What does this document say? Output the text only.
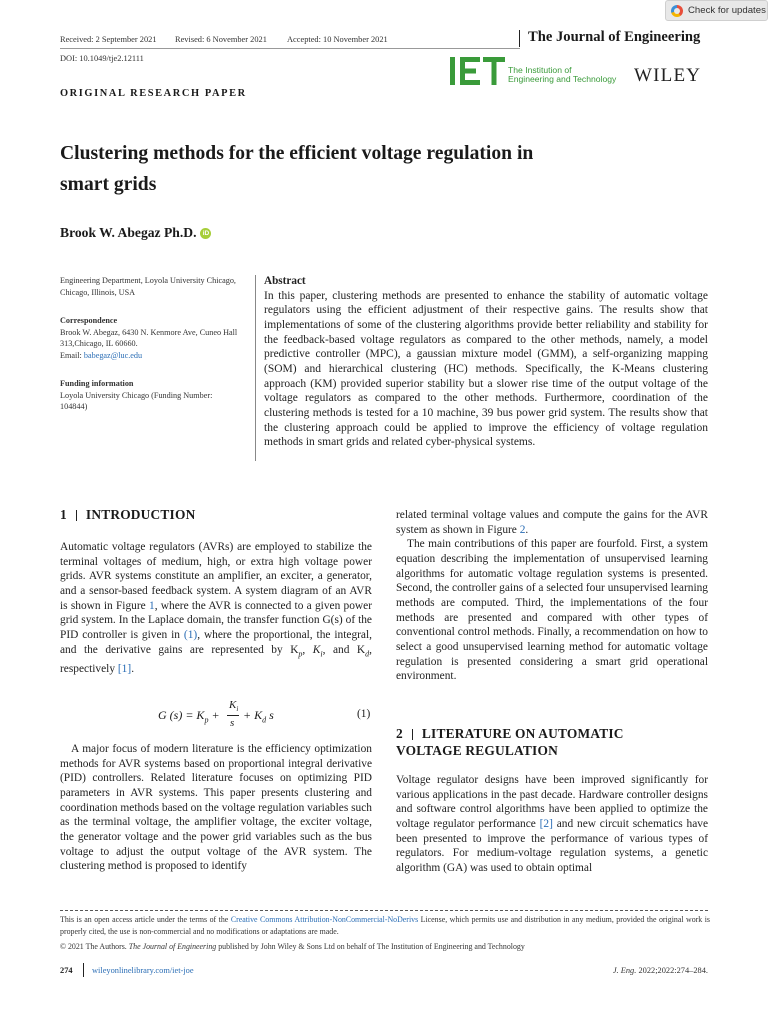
Check for updates
Received: 2 September 2021 Revised: 6 November 2021 Accepted: 10 November 2021	The Journal of Engineering
DOI: 10.1049/tje2.12111
The Institution of
Engineering and Technology WILEY
ORIGINAL RESEARCH PAPER
Clustering methods for the efficient voltage regulation in
smart grids
Brook W. Abegaz Ph.D. iD
Engineering Department, Loyola University Chicago, Chicago, Illinois, USA
Correspondence
Brook W. Abegaz, 6430 N. Kenmore Ave, Cuneo Hall 313,Chicago, IL 60660.
Email: babegaz@luc.edu
Funding information
Loyola University Chicago (Funding Number: 104844)
Abstract
In this paper, clustering methods are presented to enhance the stability of automatic voltage regulators using the efficient adjustment of their respective gains. The results show that implementations of some of the clustering algorithms provide better reliability and stability for the feedback-based voltage regulators as compared to the other methods, namely, a model predictive controller (MPC), a gaussian mixture model (GMM), a self-organizing mapping (SOM) and hierarchical clustering (HC) methods. Specifically, the K-Means clustering approach (KM) provided superior stability but a slower rise time of the output voltage of the voltage regulators as compared to the other methods. Furthermore, coordination of the clustering methods is tested for a 10 machine, 39 bus power grid system. The results show that the clustering approach could be applied to improve the efficiency of voltage regulation methods in smart grids and related cyber-physical systems.
1 INTRODUCTION

Automatic voltage regulators (AVRs) are employed to stabilize the terminal voltages of medium, high, or extra high voltage power grids. AVR systems constitute an amplifier, an exciter, a generator, and a sensor-based feedback system. A system diagram of an AVR is shown in Figure 1, where the AVR is connected to a given power grid system. In the Laplace domain, the transfer function G(s) of the PID controller is given in (1), where the proportional, the integral, and the derivative gains are represented by $K_p$, $K_i$, and $K_d$, respectively [1].

G $(s) = K_p$ +
$K_i$
s
+ $K_d$ s	(1)

A major focus of modern literature is the efficiency optimization methods for AVR systems based on proportional integral derivative (PID) controllers. Related literature focuses on optimizing PID parameters in AVR systems. This paper presents clustering and coordination methods based on the voltage regulation variables such as the terminal voltage, the amplifier voltage, the exciter voltage, the generator voltage and the power grid variables such as the bus voltage to adjust the output voltage of the AVR system. The clustering method is proposed to identify

related terminal voltage values and compute the gains for the AVR system as shown in Figure 2.

The main contributions of this paper are fourfold. First, a system equation describing the implementation of unsupervised learning algorithms for automatic voltage regulation systems is presented. Second, the controller gains of a selected four unsupervised learning methods are computed. Third, the implementations of the four methods are presented and compared with other types of conventional control methods. Finally, a recommendation on how to select a good unsupervised learning method for automatic voltage regulation is presented considering a smart grid operational environment.

2 LITERATURE ON AUTOMATIC
VOLTAGE REGULATION

Voltage regulator designs have been improved significantly for various applications in the past decade. Hardware controller designs and software control algorithms have been applied to optimize the voltage regulator performance [2] and new circuit schematics have been presented to improve the performance of various types of regulators. For medium-voltage regulation systems, a genetic algorithm (GA) was used to obtain optimal

This is an open access article under the terms of the Creative Commons Attribution-NonCommercial-NoDerivs License, which permits use and distribution in any medium, provided the original work is properly cited, the use is non-commercial and no modifications or adaptations are made.
© 2021 The Authors. The Journal of Engineering published by John Wiley & Sons Ltd on behalf of The Institution of Engineering and Technology
274 wileyonlinelibrary.com/iet-joe	J. Eng. 2022;2022:274–284.
